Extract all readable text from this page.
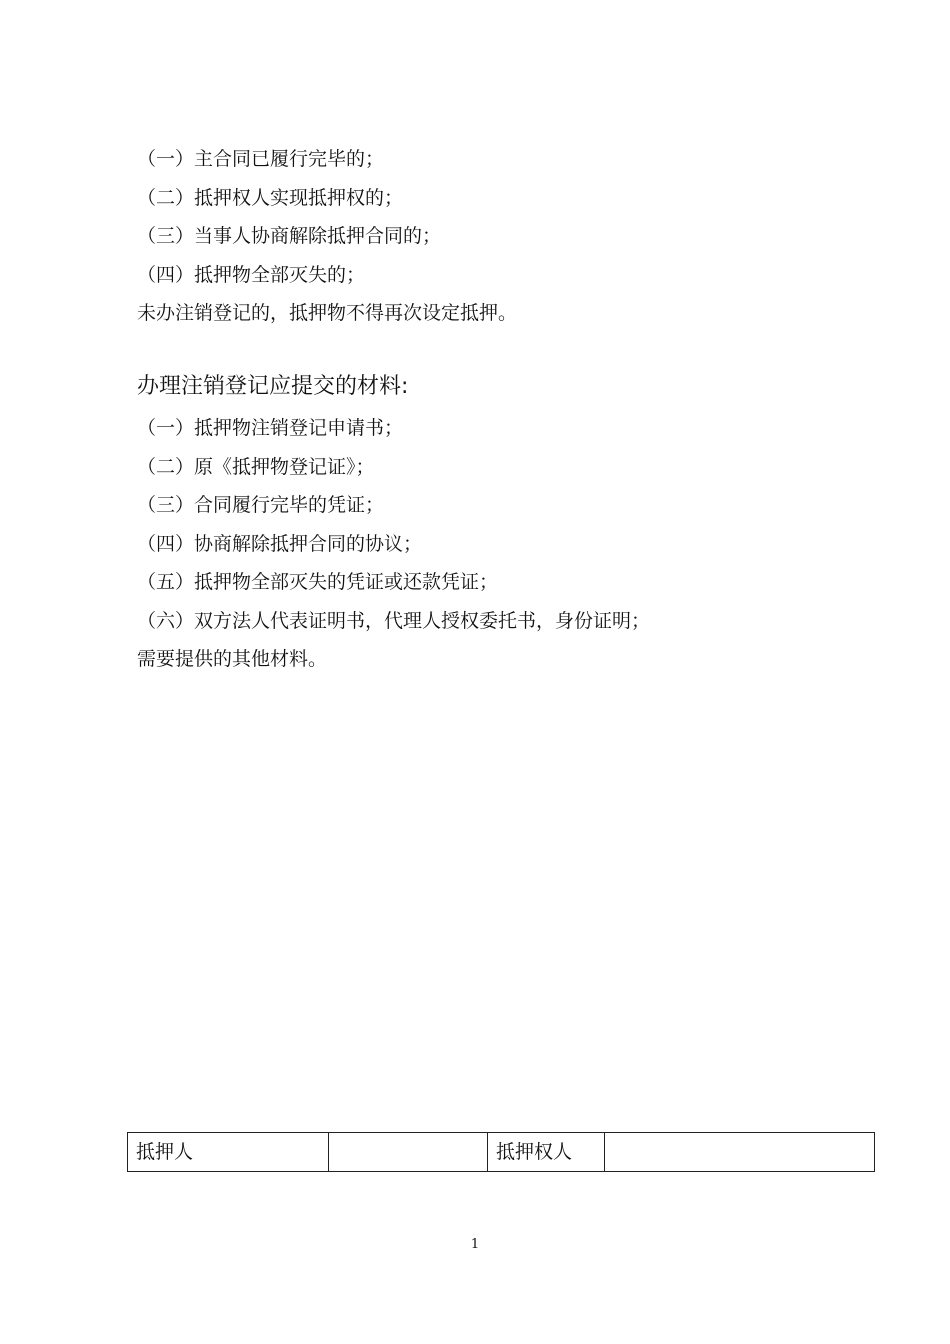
（一）主合同已履行完毕的；
（二）抵押权人实现抵押权的；
（三）当事人协商解除抵押合同的；
（四）抵押物全部灭失的；
未办注销登记的，抵押物不得再次设定抵押。
办理注销登记应提交的材料:
（一）抵押物注销登记申请书；
（二）原《抵押物登记证》；
（三）合同履行完毕的凭证；
（四）协商解除抵押合同的协议；
（五）抵押物全部灭失的凭证或还款凭证；
（六）双方法人代表证明书，代理人授权委托书，身份证明；
需要提供的其他材料。
抵押人		抵押权人	
1
